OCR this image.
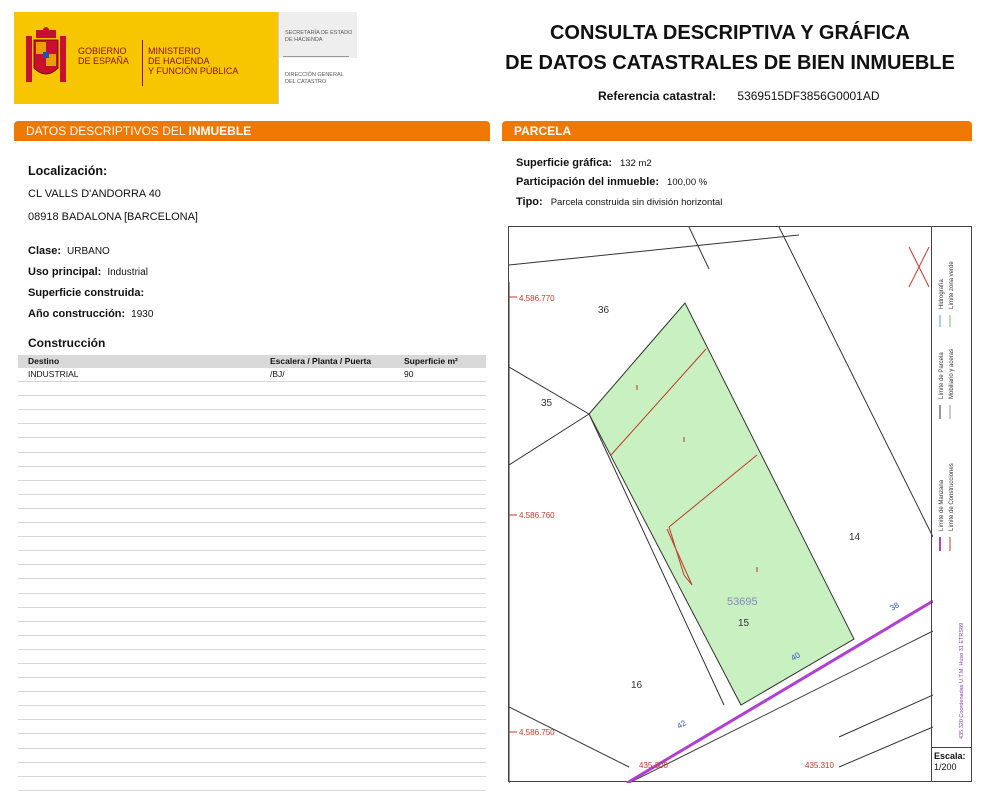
GOBIERNO
DE ESPAÑA
MINISTERIO
DE HACIENDA
Y FUNCIÓN PÚBLICA
SECRETARÍA DE ESTADO
DE HACIENDA
DIRECCIÓN GENERAL
DEL CATASTRO
CONSULTA DESCRIPTIVA Y GRÁFICA
DE DATOS CATASTRALES DE BIEN INMUEBLE
Referencia catastral: 5369515DF3856G0001AD
DATOS DESCRIPTIVOS DEL INMUEBLE
Localización:
CL VALLS D'ANDORRA 40
08918 BADALONA [BARCELONA]
Clase: URBANO
Uso principal: Industrial
Superficie construida:
Año construcción: 1930
Construcción
Destino	Escalera / Planta / Puerta	Superficie m²
INDUSTRIAL	/BJ/	90
PARCELA
Superficie gráfica: 132 m2
Participación del inmueble: 100,00 %
Tipo: Parcela construida sin división horizontal
4.586.770
4.586.760
4.586.750
435.300	435.310
36
35
14
15
16
53695	38
40
42
Límite de Manzana
Límite de Parcela
Límite de Construcciones
Mobiliario y aceras
Hidrografía Límite zona verde
435.320 Coordenadas U.T.M. Huso 31 ETRS89
Escala:
1/200
